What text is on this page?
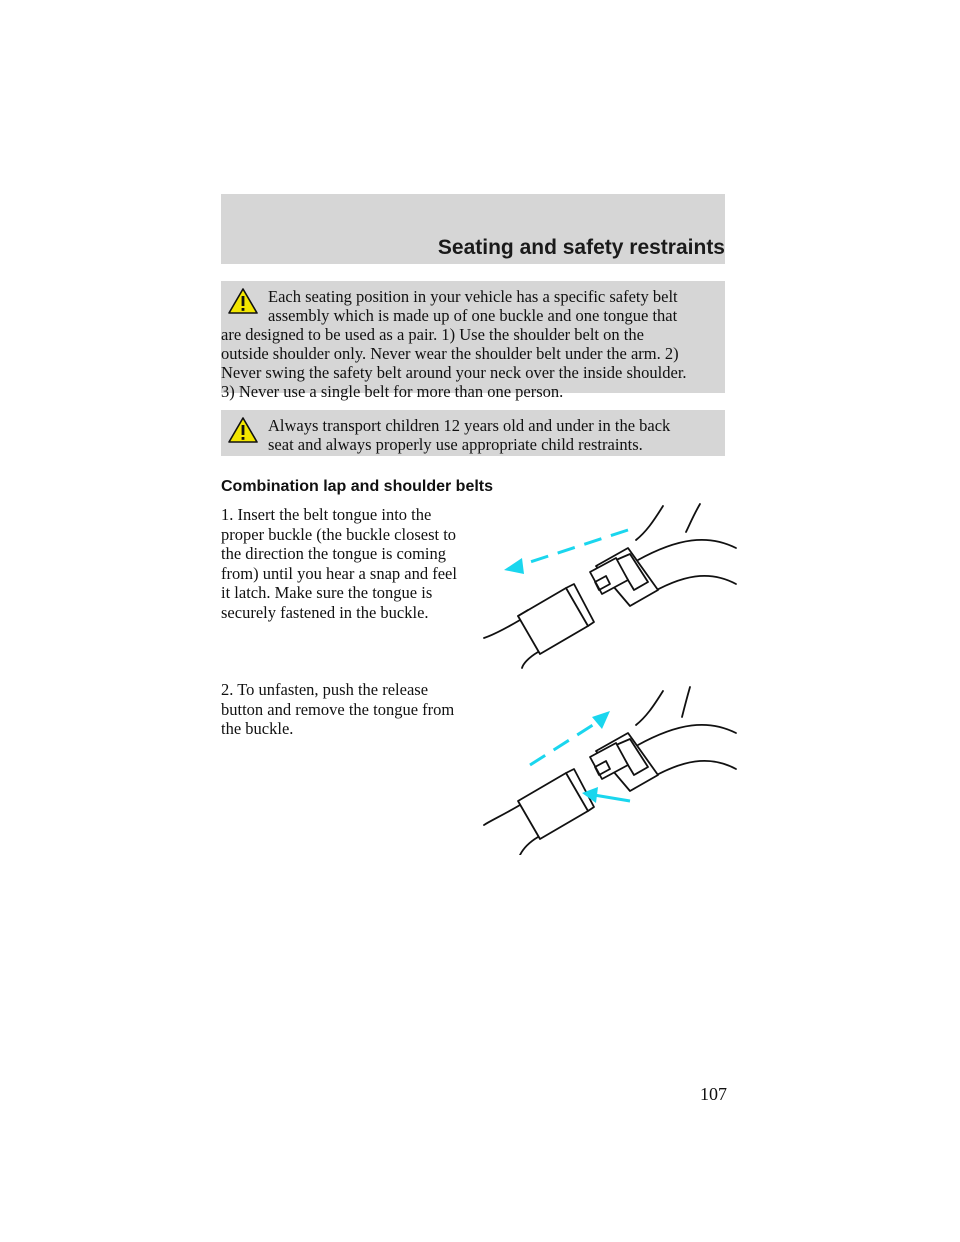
Seating and safety restraints
Each seating position in your vehicle has a specific safety belt
assembly which is made up of one buckle and one tongue that
are designed to be used as a pair. 1) Use the shoulder belt on the
outside shoulder only. Never wear the shoulder belt under the arm. 2)
Never swing the safety belt around your neck over the inside shoulder.
3) Never use a single belt for more than one person.
Always transport children 12 years old and under in the back
seat and always properly use appropriate child restraints.
Combination lap and shoulder belts
1. Insert the belt tongue into the
proper buckle (the buckle closest to
the direction the tongue is coming
from) until you hear a snap and feel
it latch. Make sure the tongue is
securely fastened in the buckle.
2. To unfasten, push the release
button and remove the tongue from
the buckle.
107
